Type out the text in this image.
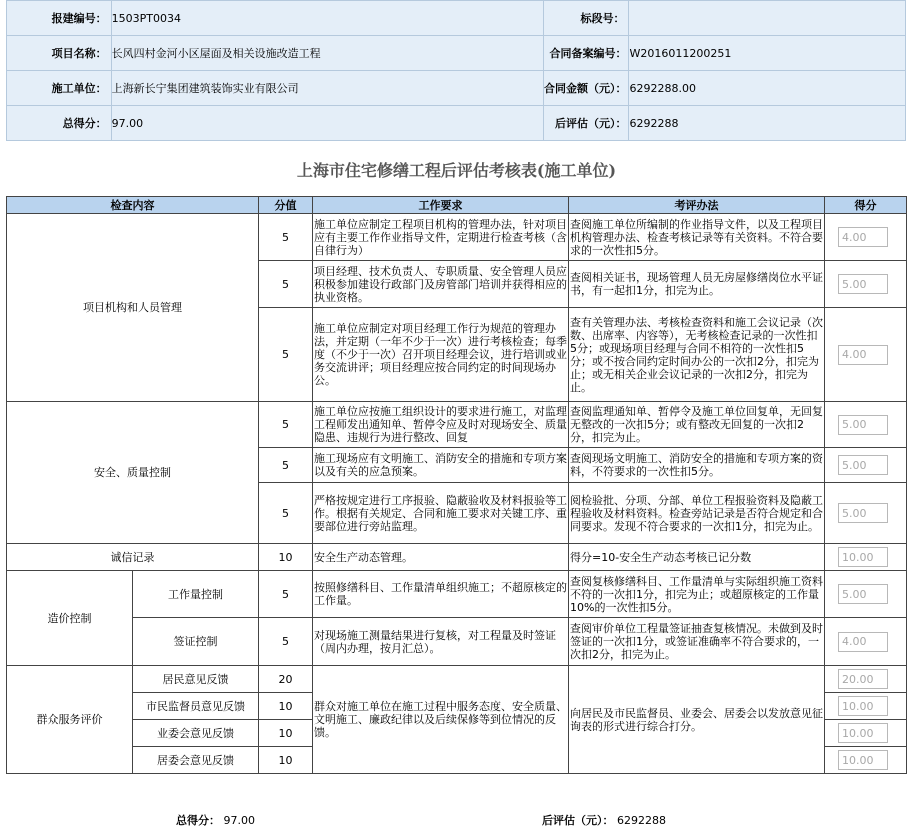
报建编号：	1503PT0034	标段号：	
项目名称：	长风四村金河小区屋面及相关设施改造工程	合同备案编号：	W2016011200251
施工单位：	上海新长宁集团建筑装饰实业有限公司	合同金额（元）：	6292288.00
总得分：	97.00	后评估（元）：	6292288
上海市住宅修缮工程后评估考核表(施工单位)
检查内容		分值	工作要求	考评办法	得分
项目机构和人员管理		5	施工单位应制定工程项目机构的管理办法，针对项目应有主要工作作业指导文件，定期进行检查考核（含自律行为）	查阅施工单位所编制的作业指导文件，以及工程项目机构管理办法、检查考核记录等有关资料。不符合要求的一次性扣5分。	4.00

		5	项目经理、技术负责人、专职质量、安全管理人员应积极参加建设行政部门及房管部门培训并获得相应的执业资格。	查阅相关证书，现场管理人员无房屋修缮岗位水平证书，有一起扣1分，扣完为止。	5.00

		5	施工单位应制定对项目经理工作行为规范的管理办法，并定期（一年不少于一次）进行考核检查；每季度（不少于一次）召开项目经理会议，进行培训或业务交流讲评；项目经理应按合同约定的时间现场办公。	查有关管理办法、考核检查资料和施工会议记录（次数、出席率、内容等），无考核检查记录的一次性扣5分；或现场项目经理与合同不相符的一次性扣5分；或不按合同约定时间办公的一次扣2分，扣完为止；或无相关企业会议记录的一次扣2分，扣完为止。	4.00

安全、质量控制		5	施工单位应按施工组织设计的要求进行施工，对监理工程师发出通知单、暂停令应及时对现场安全、质量隐患、违规行为进行整改、回复	查阅监理通知单、暂停令及施工单位回复单，无回复无整改的一次扣5分；或有整改无回复的一次扣2分，扣完为止。	5.00

		5	施工现场应有文明施工、消防安全的措施和专项方案以及有关的应急预案。	查阅现场文明施工、消防安全的措施和专项方案的资料，不符要求的一次性扣5分。	5.00

		5	严格按规定进行工序报验、隐蔽验收及材料报验等工作。根据有关规定、合同和施工要求对关键工序、重要部位进行旁站监理。	阅检验批、分项、分部、单位工程报验资料及隐蔽工程验收及材料资料。检查旁站记录是否符合规定和合同要求。发现不符合要求的一次扣1分，扣完为止。	5.00

诚信记录		10	安全生产动态管理。	得分=10-安全生产动态考核已记分数	10.00

造价控制	工作量控制	5	按照修缮科目、工作量清单组织施工；不超原核定的工作量。	查阅复核修缮科目、工作量清单与实际组织施工资料不符的一次扣1分，扣完为止；或超原核定的工作量10%的一次性扣5分。	5.00

	签证控制	5	对现场施工测量结果进行复核，对工程量及时签证（周内办理，按月汇总）。	查阅审价单位工程量签证抽查复核情况。未做到及时签证的一次扣1分，或签证准确率不符合要求的，一次扣2分，扣完为止。	4.00

群众服务评价	居民意见反馈	20	群众对施工单位在施工过程中服务态度、安全质量、文明施工、廉政纪律以及后续保修等到位情况的反馈。	向居民及市民监督员、业委会、居委会以发放意见征询表的形式进行综合打分。	20.00

	市民监督员意见反馈	10			10.00

	业委会意见反馈	10			10.00

	居委会意见反馈	10			10.00
总得分： 97.00	后评估（元）： 6292288
